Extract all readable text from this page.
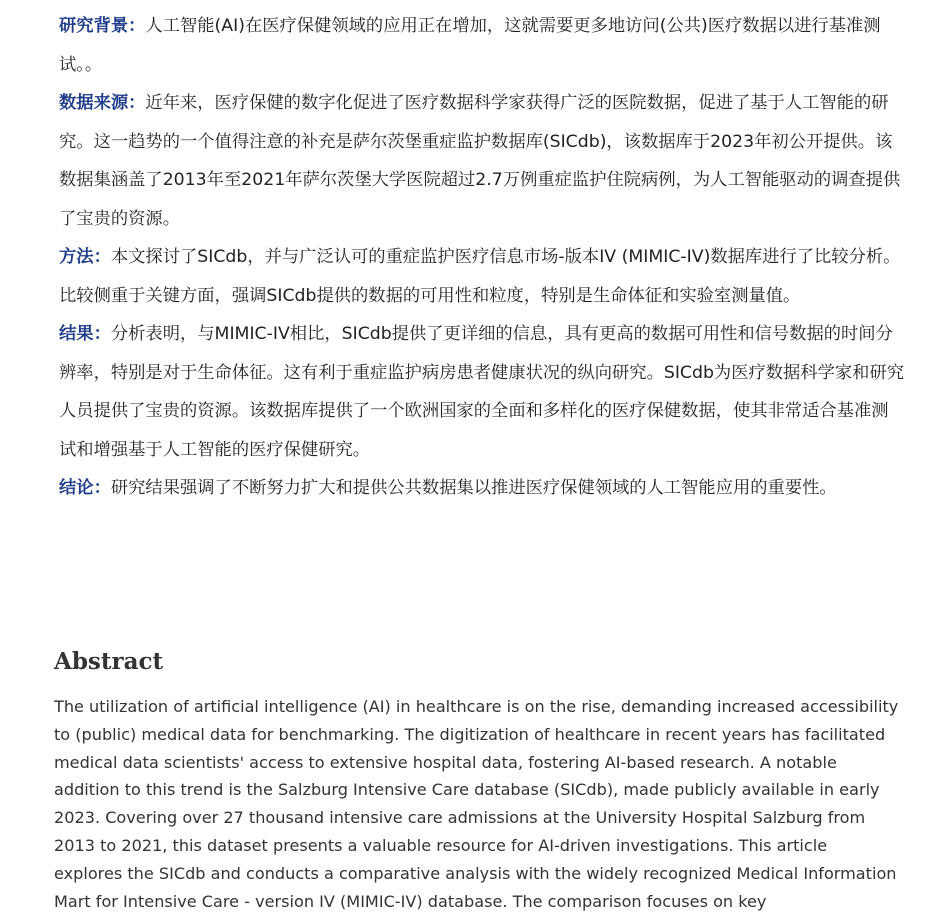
研究背景：人工智能(AI)在医疗保健领域的应用正在增加，这就需要更多地访问(公共)医疗数据以进行基准测试。。

数据来源：近年来，医疗保健的数字化促进了医疗数据科学家获得广泛的医院数据，促进了基于人工智能的研究。这一趋势的一个值得注意的补充是萨尔茨堡重症监护数据库(SICdb)，该数据库于2023年初公开提供。该数据集涵盖了2013年至2021年萨尔茨堡大学医院超过2.7万例重症监护住院病例，为人工智能驱动的调查提供了宝贵的资源。

方法：本文探讨了SICdb，并与广泛认可的重症监护医疗信息市场-版本IV (MIMIC-IV)数据库进行了比较分析。比较侧重于关键方面，强调SICdb提供的数据的可用性和粒度，特别是生命体征和实验室测量值。

结果：分析表明，与MIMIC-IV相比，SICdb提供了更详细的信息，具有更高的数据可用性和信号数据的时间分辨率，特别是对于生命体征。这有利于重症监护病房患者健康状况的纵向研究。SICdb为医疗数据科学家和研究人员提供了宝贵的资源。该数据库提供了一个欧洲国家的全面和多样化的医疗保健数据，使其非常适合基准测试和增强基于人工智能的医疗保健研究。

结论：研究结果强调了不断努力扩大和提供公共数据集以推进医疗保健领域的人工智能应用的重要性。

Abstract

The utilization of artificial intelligence (AI) in healthcare is on the rise, demanding increased accessibility to (public) medical data for benchmarking. The digitization of healthcare in recent years has facilitated medical data scientists' access to extensive hospital data, fostering AI-based research. A notable addition to this trend is the Salzburg Intensive Care database (SICdb), made publicly available in early 2023. Covering over 27 thousand intensive care admissions at the University Hospital Salzburg from 2013 to 2021, this dataset presents a valuable resource for AI-driven investigations. This article explores the SICdb and conducts a comparative analysis with the widely recognized Medical Information Mart for Intensive Care - version IV (MIMIC-IV) database. The comparison focuses on key
